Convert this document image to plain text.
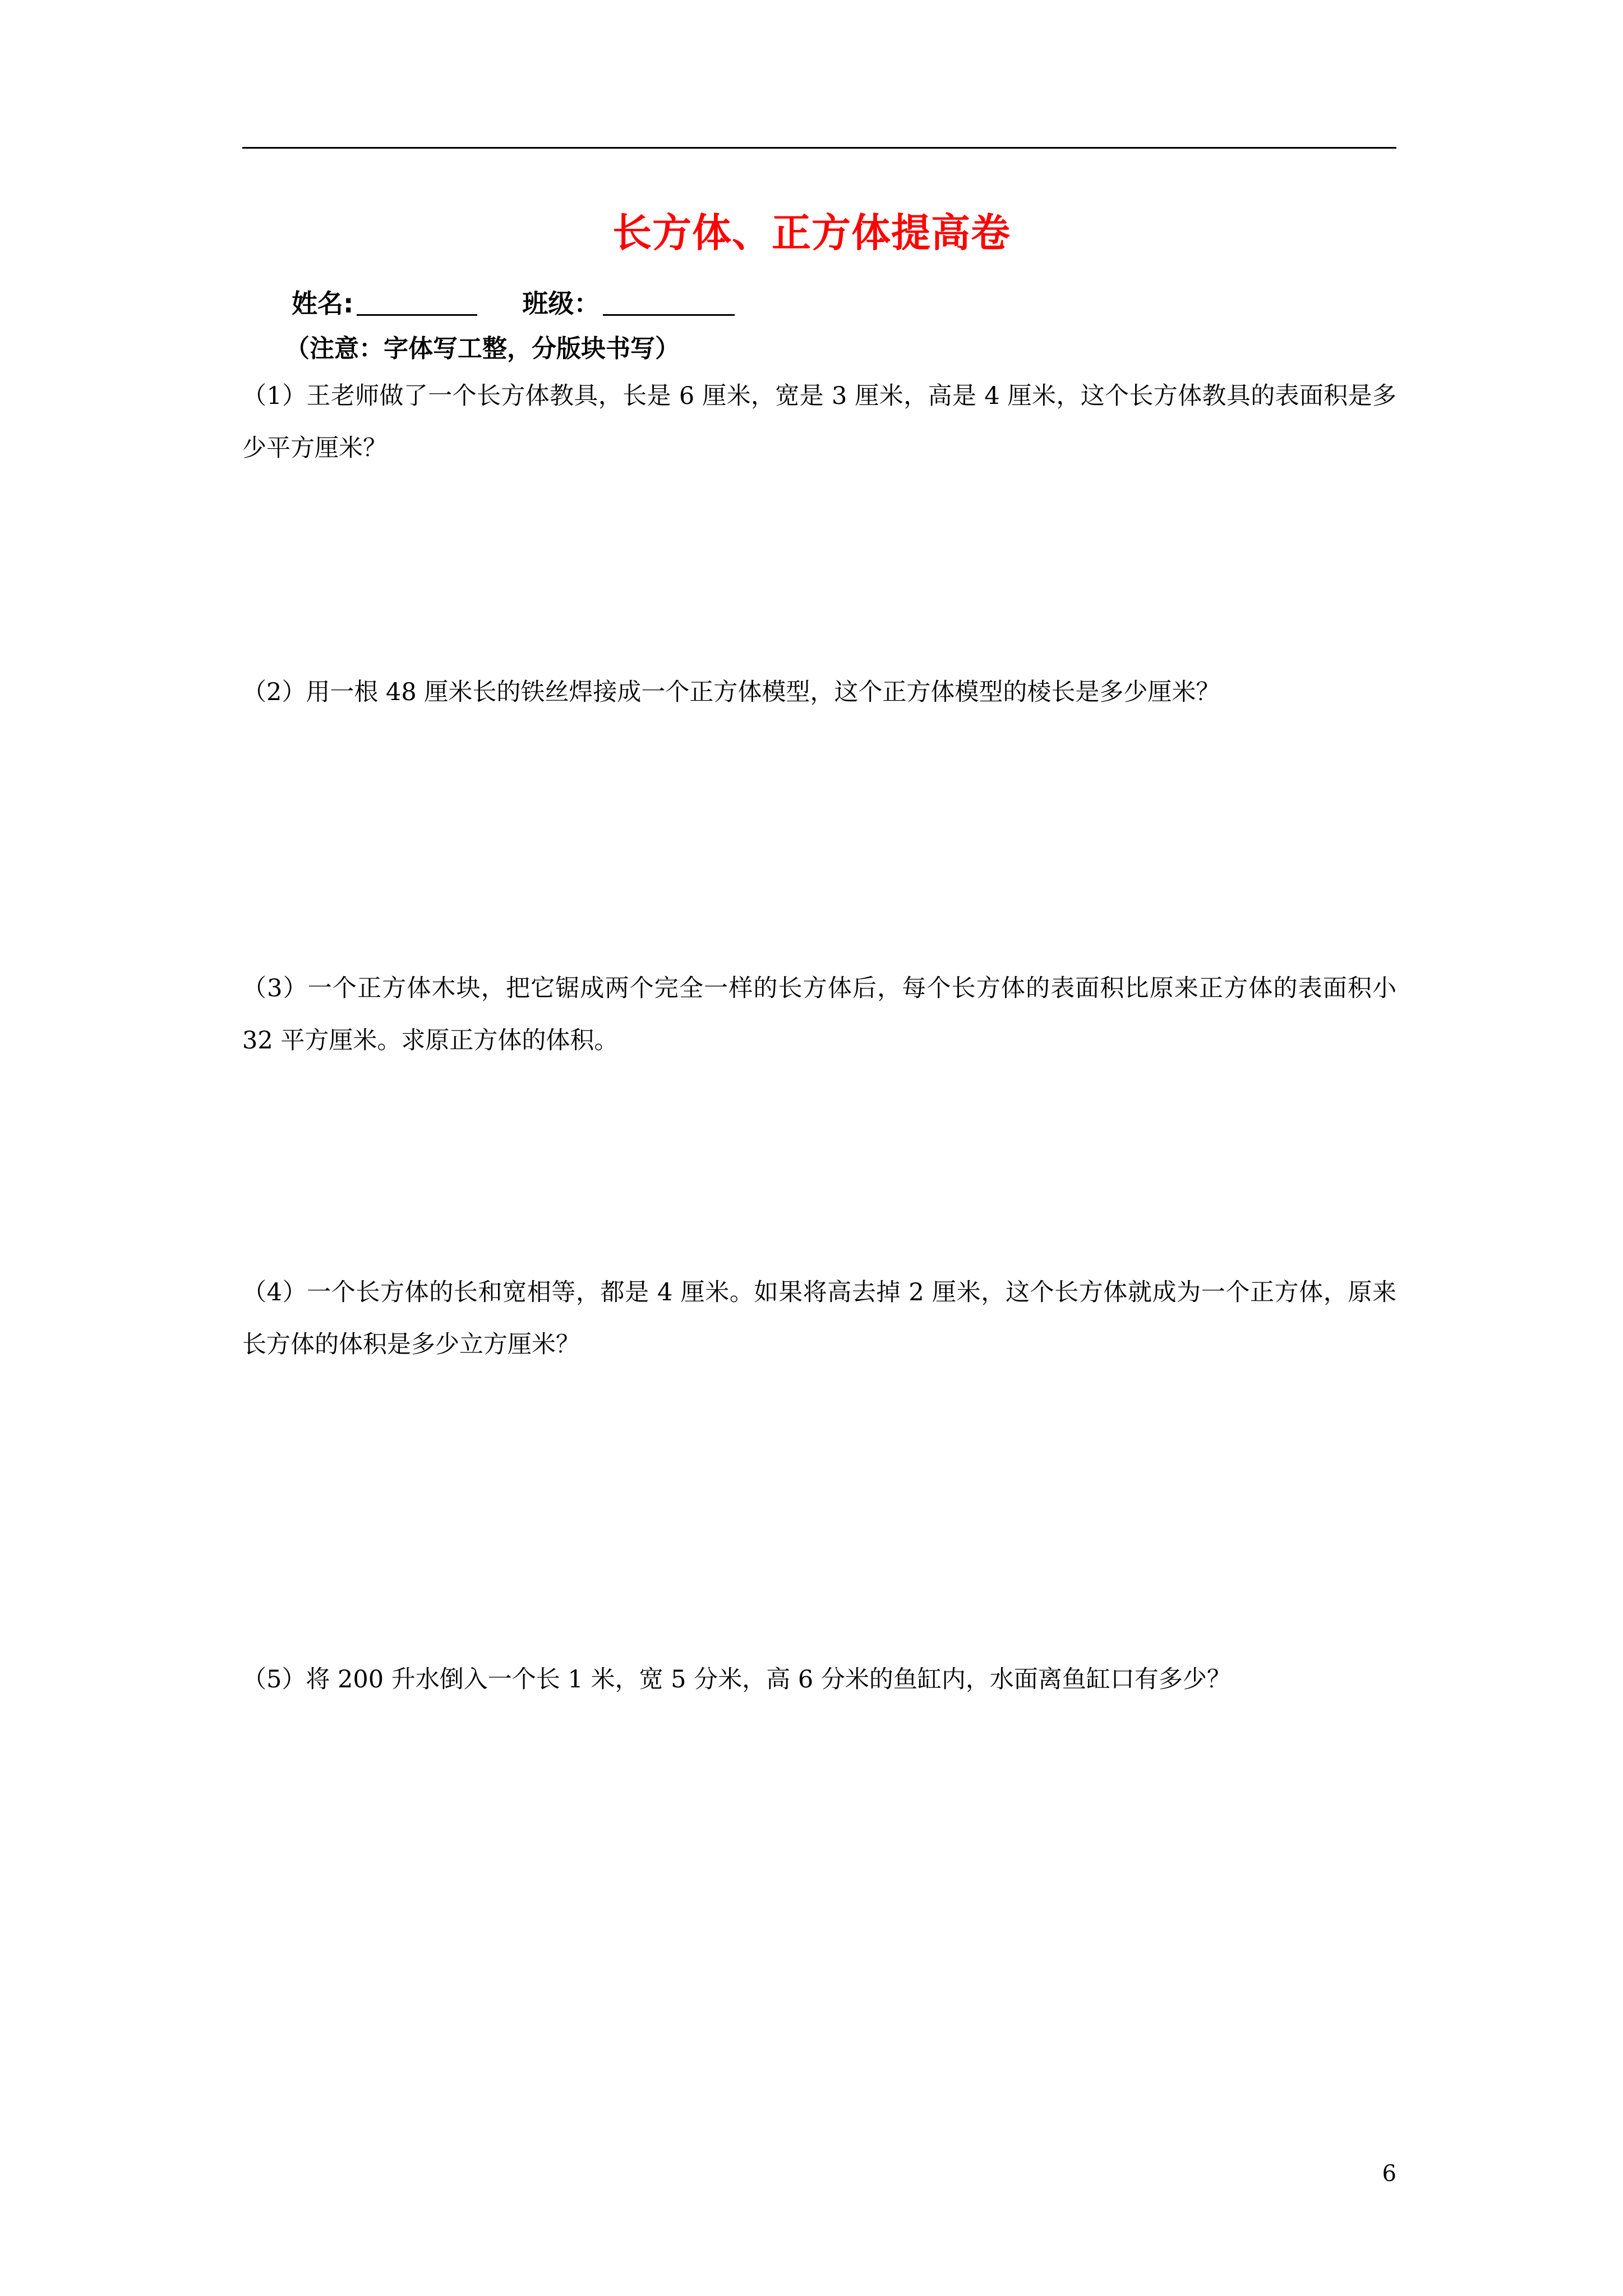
长方体、正方体提高卷
姓名:	班级：
（注意：字体写工整，分版块书写）
（1）王老师做了一个长方体教具，长是 6 厘米，宽是 3 厘米，高是 4 厘米，这个长方体教具的表面积是多少平方厘米？
（2）用一根 48 厘米长的铁丝焊接成一个正方体模型，这个正方体模型的棱长是多少厘米？
（3）一个正方体木块，把它锯成两个完全一样的长方体后，每个长方体的表面积比原来正方体的表面积小 32 平方厘米。求原正方体的体积。
（4）一个长方体的长和宽相等，都是 4 厘米。如果将高去掉 2 厘米，这个长方体就成为一个正方体，原来长方体的体积是多少立方厘米？
（5）将 200 升水倒入一个长 1 米，宽 5 分米，高 6 分米的鱼缸内，水面离鱼缸口有多少？
6
